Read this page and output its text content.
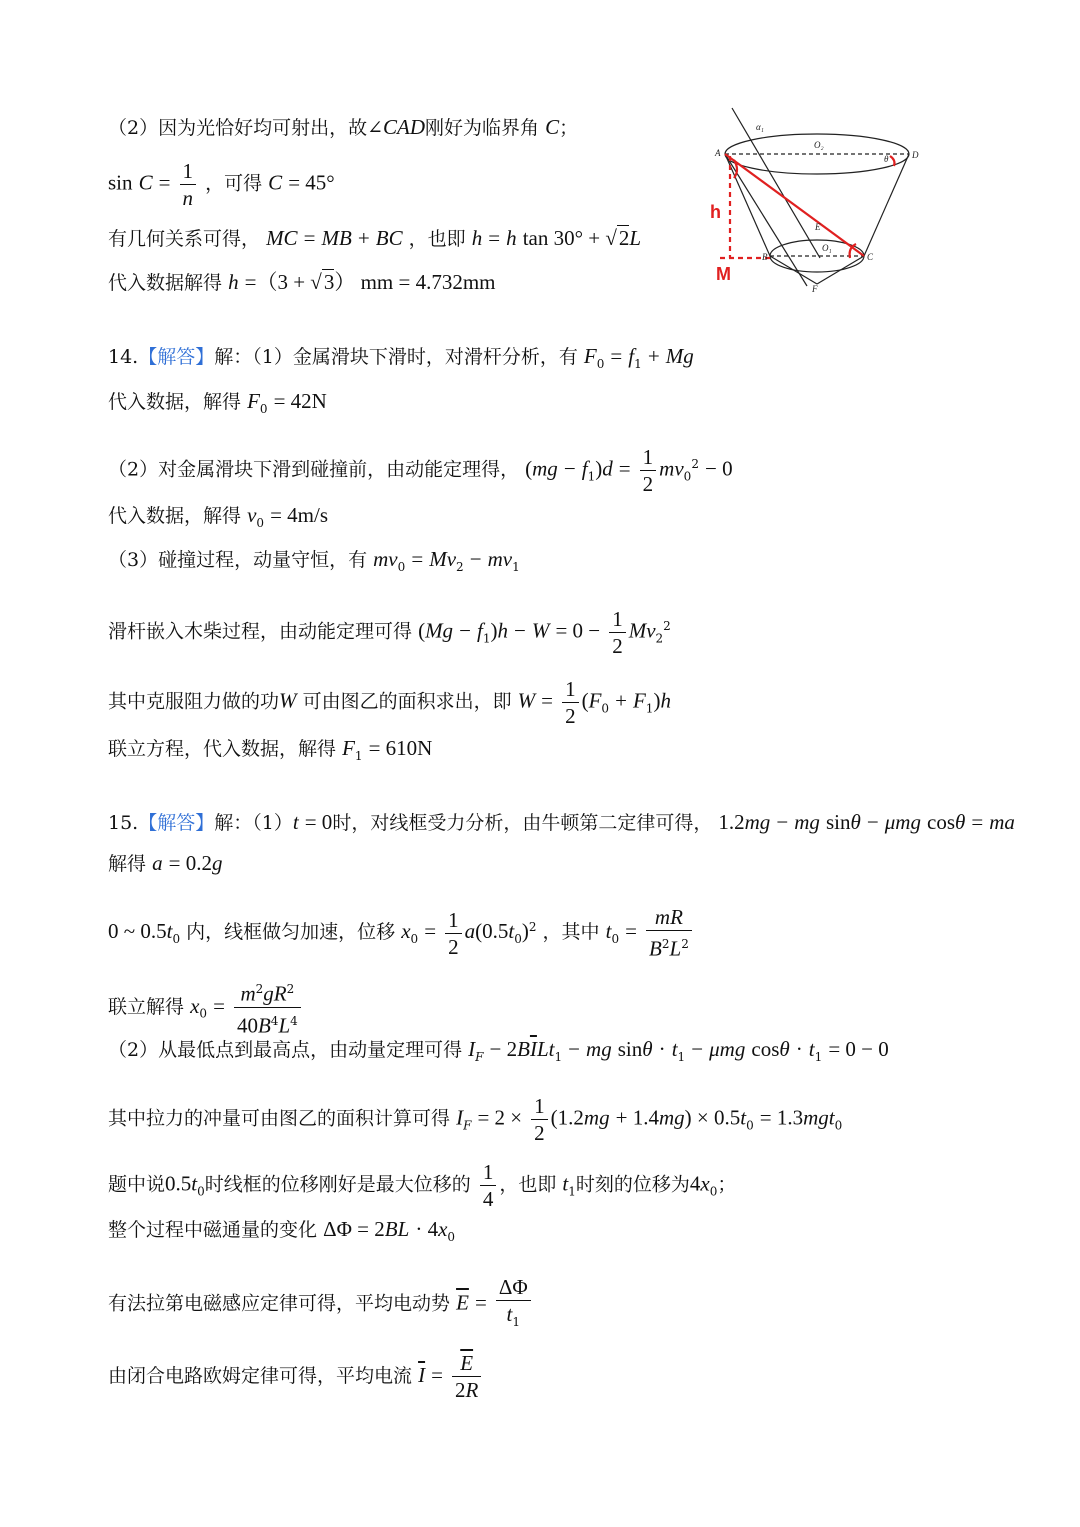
（2）因为光恰好均可射出，故∠CAD刚好为临界角 C；
$\sin C = \frac{1}{n}$ ，可得 C = 45°
有几何关系可得， MC = MB + BC ，也即 h = h tan 30° + √2L
代入数据解得 h =（3 + √3） mm = 4.732mm
A	D
O₂
θ
α₁
E
B	C
F
O₁
h
M
14.【解答】解：（1）金属滑块下滑时，对滑杆分析，有 $F_0 = f_1 + Mg$
代入数据，解得 $F_0 = 42N$
（2）对金属滑块下滑到碰撞前，由动能定理得， $(mg - f_1)d = \frac{1}{2} mv_0^2 - 0$
代入数据，解得 $v_0 = 4m/s$
（3）碰撞过程，动量守恒，有 $mv_0 = Mv_2 - mv_1$
滑杆嵌入木柴过程，由动能定理可得 $(Mg - f_1)h - W = 0 - \frac{1}{2} Mv_2^2$
其中克服阻力做的功W 可由图乙的面积求出，即 $W = \frac{1}{2} (F_0 + F_1)h$
联立方程，代入数据，解得 $F_1 = 610N$
15.【解答】解：（1）t = 0时，对线框受力分析，由牛顿第二定律可得， 1.2mg − mg sinθ − μmg cosθ = ma
解得 a = 0.2g
0 ~ $0.5t_0$ 内，线框做匀加速，位移 $x_0 = \frac{1}{2} a(0.5t_0)^2$ ，其中 $t_0 = \frac{mR}{B^2L^2}$
联立解得 $x_0 = \frac{m^2gR^2}{40B^4L^4}$
（2）从最低点到最高点，由动量定理可得 $I_F - 2B\overline{I}Lt_1$ − mg $\sin\theta \cdot t_1 - \mu mg$ $\cos\theta \cdot t_1 = 0 - 0$
其中拉力的冲量可由图乙的面积计算可得 $I_F = 2 \times \frac{1}{2} (1.2mg + 1.4mg) \times 0.5t_0 = 1.3mgt_0$
题中说$0.5t_0$时线框的位移刚好是最大位移的 $\frac{1}{4}$ ，也即 $t_1$时刻的位移为$4x_0$；
整个过程中磁通量的变化 $\Delta\Phi = 2BL \cdot 4x_0$
有法拉第电磁感应定律可得，平均电动势 $\overline{E} = \frac{\Delta\Phi}{t_1}$
由闭合电路欧姆定律可得，平均电流 $\overline{I} = \frac{\overline{E}}{2R}$
